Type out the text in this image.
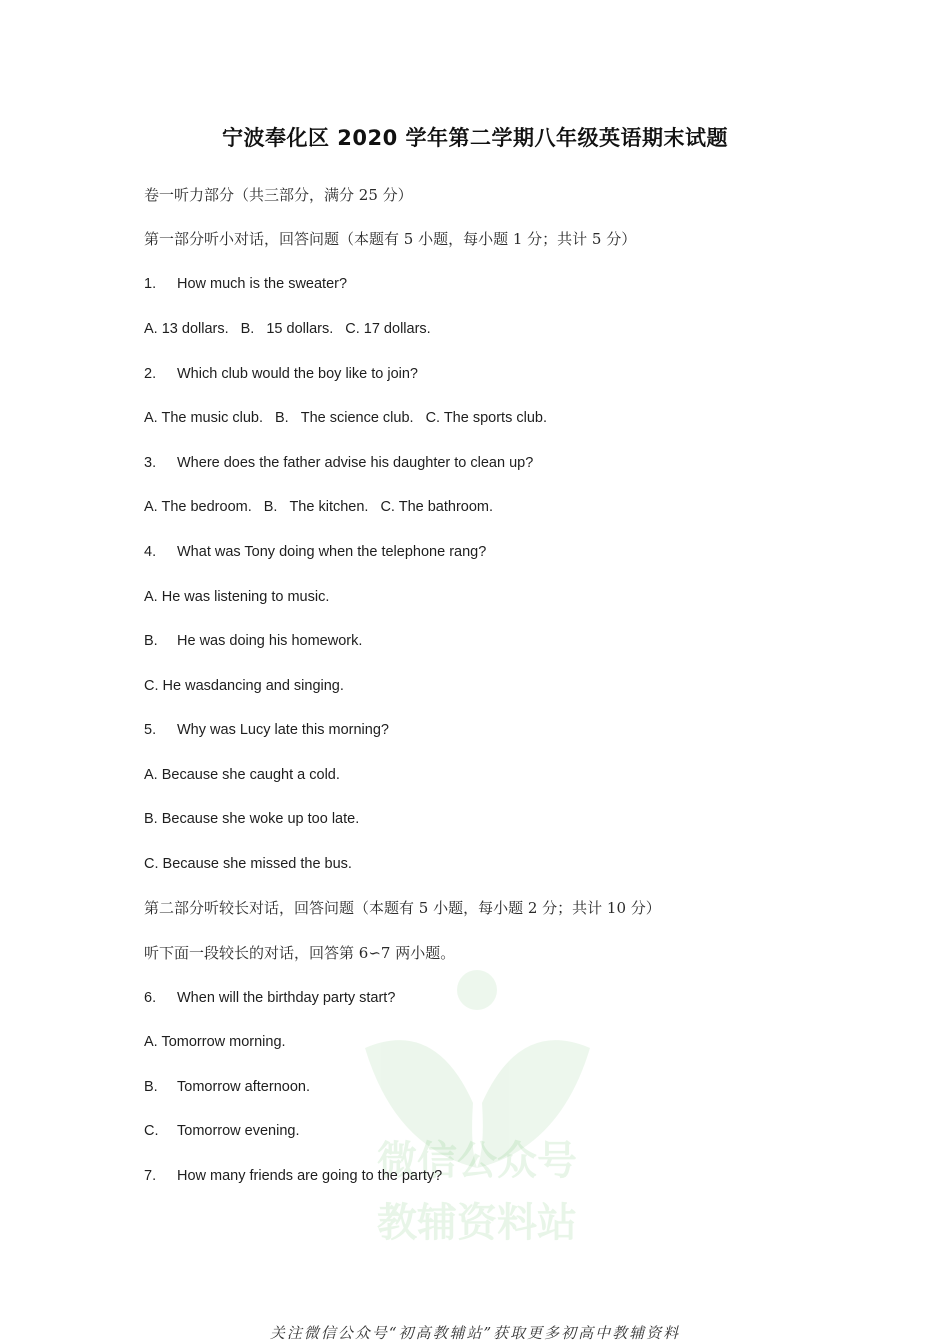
宁波奉化区 2020 学年第二学期八年级英语期末试题
卷一听力部分（共三部分，满分 25 分）
第一部分听小对话，回答问题（本题有 5 小题，每小题 1 分；共计 5 分）
1. How much is the sweater?
A. 13 dollars. B. 15 dollars. C. 17 dollars.
2. Which club would the boy like to join?
A. The music club. B. The science club. C. The sports club.
3. Where does the father advise his daughter to clean up?
A. The bedroom. B. The kitchen. C. The bathroom.
4. What was Tony doing when the telephone rang?
A. He was listening to music.
B. He was doing his homework.
C. He wasdancing and singing.
5. Why was Lucy late this morning?
A. Because she caught a cold.
B. Because she woke up too late.
C. Because she missed the bus.
第二部分听较长对话，回答问题（本题有 5 小题，每小题 2 分；共计 10 分）
听下面一段较长的对话，回答第 6∽7 两小题。
微信公众号
教辅资料站
6. When will the birthday party start?
A. Tomorrow morning.
B. Tomorrow afternoon.
C. Tomorrow evening.
7. How many friends are going to the party?
关注微信公众号“初高教辅站”获取更多初高中教辅资料
